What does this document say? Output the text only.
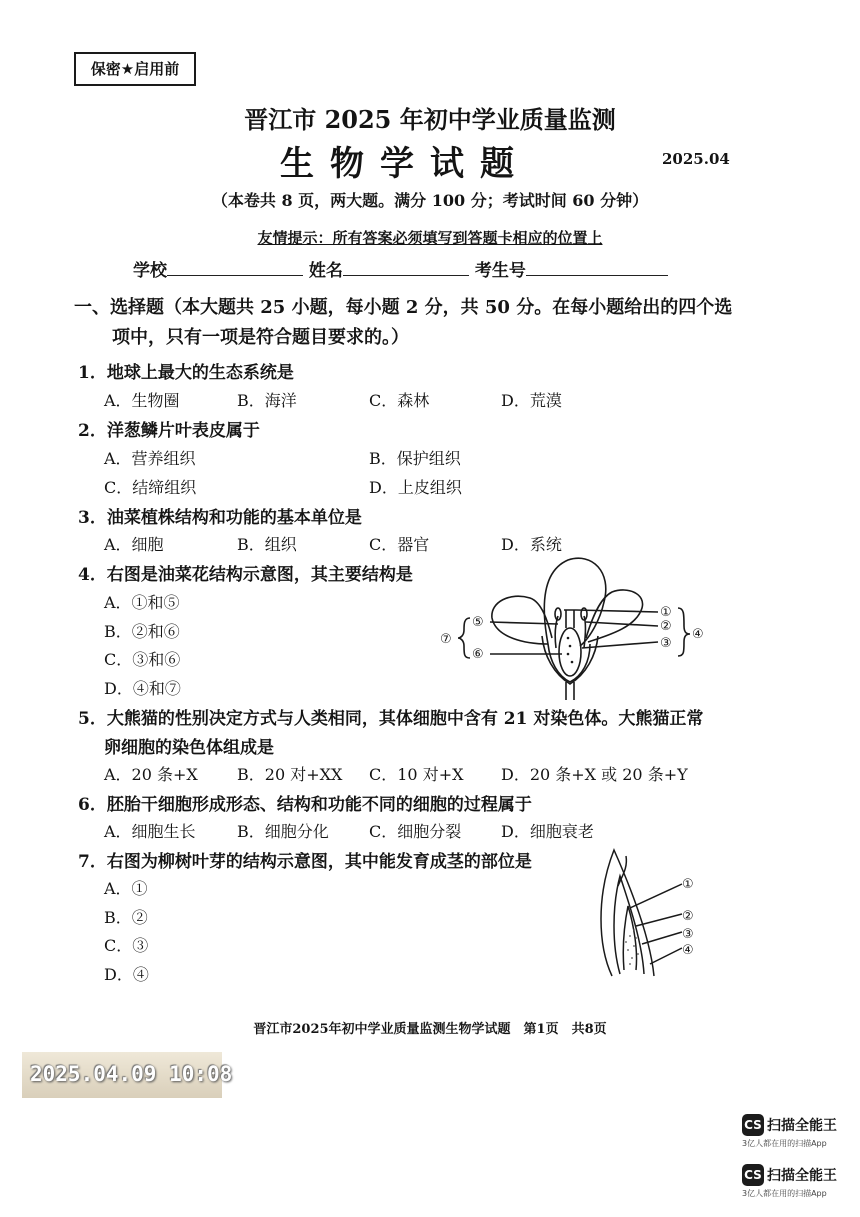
保密★启用前
晋江市 2025 年初中学业质量监测
生物学试题	2025.04
（本卷共 8 页，两大题。满分 100 分；考试时间 60 分钟）
友情提示：所有答案必须填写到答题卡相应的位置上
学校	姓名	考生号
一、选择题（本大题共 25 小题，每小题 2 分，共 50 分。在每小题给出的四个选
项中，只有一项是符合题目要求的。）
1．地球上最大的生态系统是
A．生物圈	B．海洋	C．森林	D．荒漠
2．洋葱鳞片叶表皮属于
A．营养组织	B．保护组织
C．结缔组织	D．上皮组织
3．油菜植株结构和功能的基本单位是
A．细胞	B．组织	C．器官	D．系统
4．右图是油菜花结构示意图，其主要结构是
A．①和⑤
B．②和⑥
C．③和⑥
D．④和⑦
①
②
③
④
⑤
⑥
⑦
5．大熊猫的性别决定方式与人类相同，其体细胞中含有 21 对染色体。大熊猫正常
卵细胞的染色体组成是
A．20 条+X B．20 对+XX C．10 对+X D．20 条+X 或 20 条+Y
6．胚胎干细胞形成形态、结构和功能不同的细胞的过程属于
A．细胞生长	B．细胞分化	C．细胞分裂 D．细胞衰老
7．右图为柳树叶芽的结构示意图，其中能发育成茎的部位是
A．①
B．②
C．③
D．④
①
②
③
④
晋江市2025年初中学业质量监测生物学试题　第1页　共8页
2025.04.09 10:08
CS 扫描全能王
3亿人都在用的扫描App
CS 扫描全能王
3亿人都在用的扫描App
